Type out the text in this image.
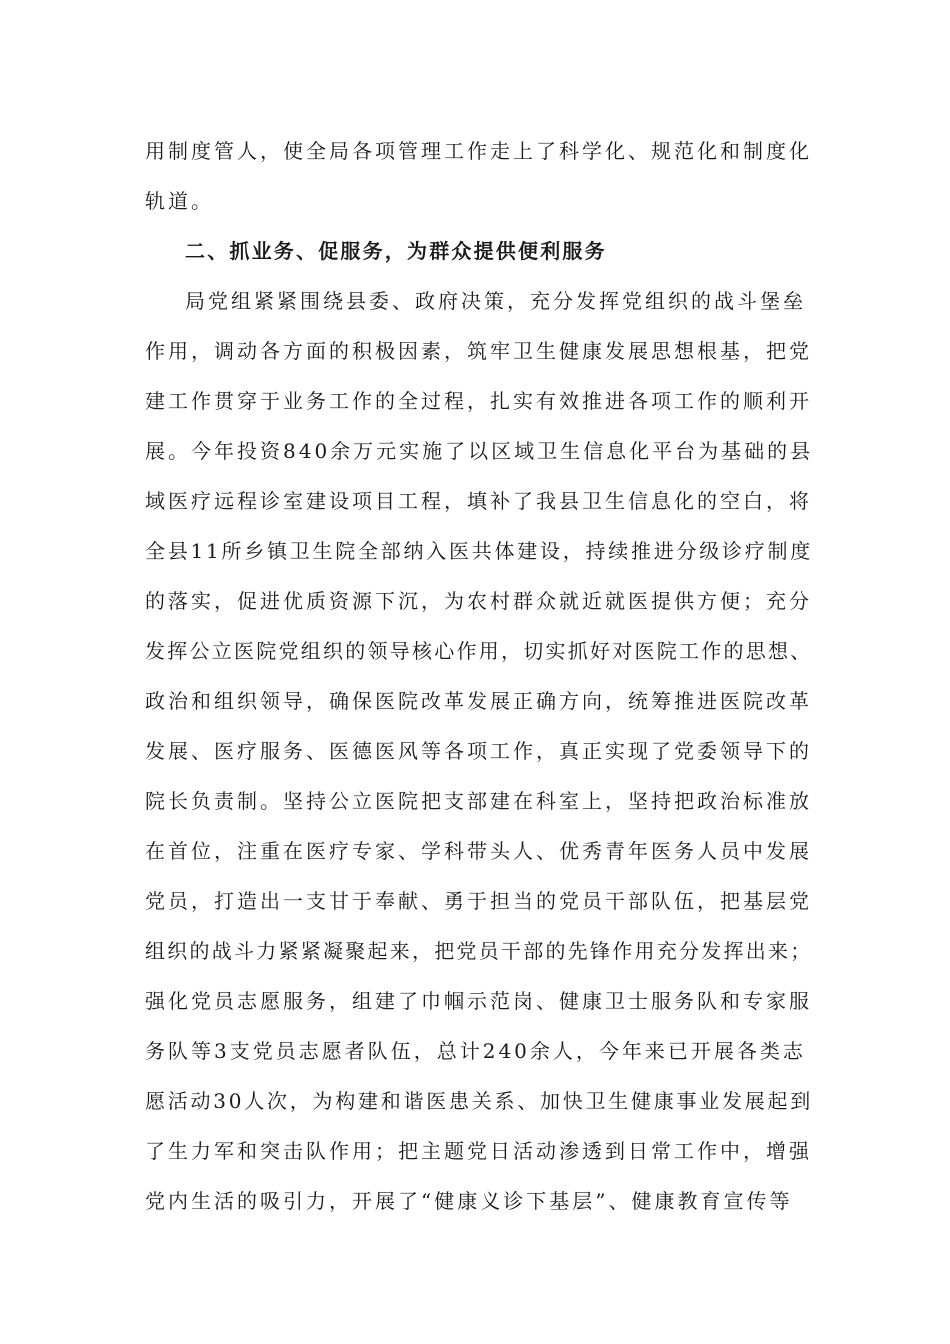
用制度管人，使全局各项管理工作走上了科学化、规范化和制度化
轨道。
二、抓业务、促服务，为群众提供便利服务
局党组紧紧围绕县委、政府决策，充分发挥党组织的战斗堡垒
作用，调动各方面的积极因素，筑牢卫生健康发展思想根基，把党
建工作贯穿于业务工作的全过程，扎实有效推进各项工作的顺利开
展。今年投资840余万元实施了以区域卫生信息化平台为基础的县
域医疗远程诊室建设项目工程，填补了我县卫生信息化的空白，将
全县11所乡镇卫生院全部纳入医共体建设，持续推进分级诊疗制度
的落实，促进优质资源下沉，为农村群众就近就医提供方便；充分
发挥公立医院党组织的领导核心作用，切实抓好对医院工作的思想、
政治和组织领导，确保医院改革发展正确方向，统筹推进医院改革
发展、医疗服务、医德医风等各项工作，真正实现了党委领导下的
院长负责制。坚持公立医院把支部建在科室上，坚持把政治标准放
在首位，注重在医疗专家、学科带头人、优秀青年医务人员中发展
党员，打造出一支甘于奉献、勇于担当的党员干部队伍，把基层党
组织的战斗力紧紧凝聚起来，把党员干部的先锋作用充分发挥出来；
强化党员志愿服务，组建了巾帼示范岗、健康卫士服务队和专家服
务队等3支党员志愿者队伍，总计240余人，今年来已开展各类志
愿活动30人次，为构建和谐医患关系、加快卫生健康事业发展起到
了生力军和突击队作用；把主题党日活动渗透到日常工作中，增强
党内生活的吸引力，开展了“健康义诊下基层”、健康教育宣传等
